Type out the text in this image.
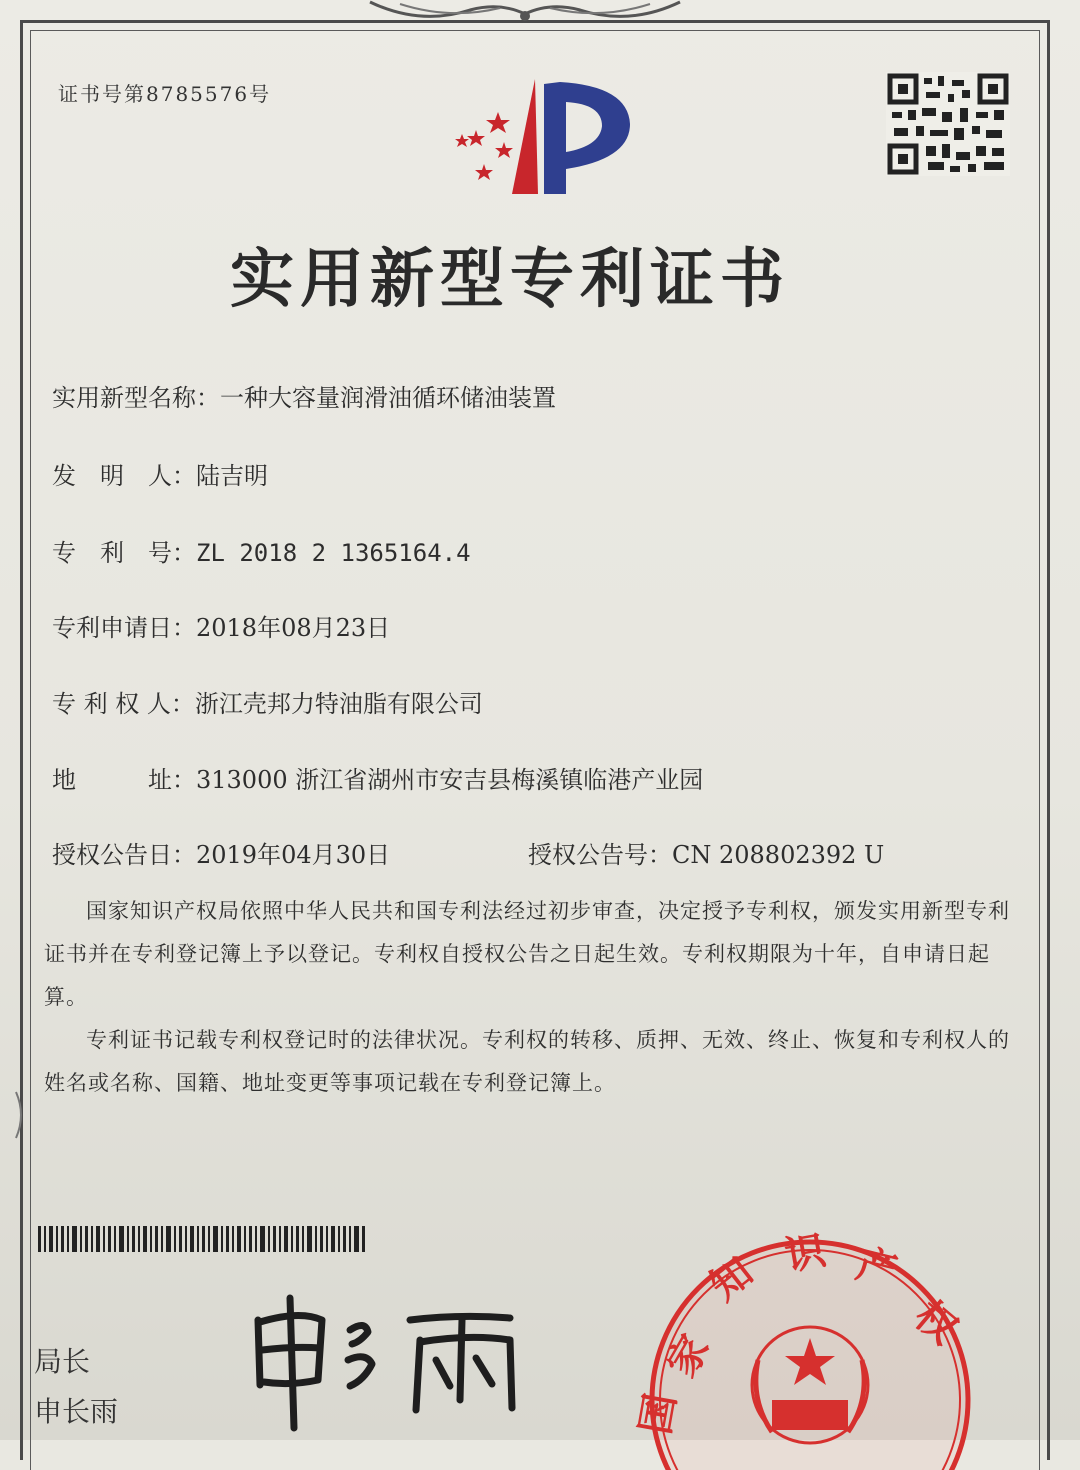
证书号第8785576号
实用新型专利证书
实用新型名称：一种大容量润滑油循环储油装置
发　明　人：陆吉明
专　利　号：ZL 2018 2 1365164.4
专利申请日：2018年08月23日
专 利 权 人：浙江壳邦力特油脂有限公司
地　　　址：313000 浙江省湖州市安吉县梅溪镇临港产业园
授权公告日：2019年04月30日	授权公告号：CN 208802392 U

国家知识产权局依照中华人民共和国专利法经过初步审查，决定授予专利权，颁发实用新型专利证书并在专利登记簿上予以登记。专利权自授权公告之日起生效。专利权期限为十年，自申请日起算。

专利证书记载专利权登记时的法律状况。专利权的转移、质押、无效、终止、恢复和专利权人的姓名或名称、国籍、地址变更等事项记载在专利登记簿上。

局长
申长雨
家
知 识 产
权
国
